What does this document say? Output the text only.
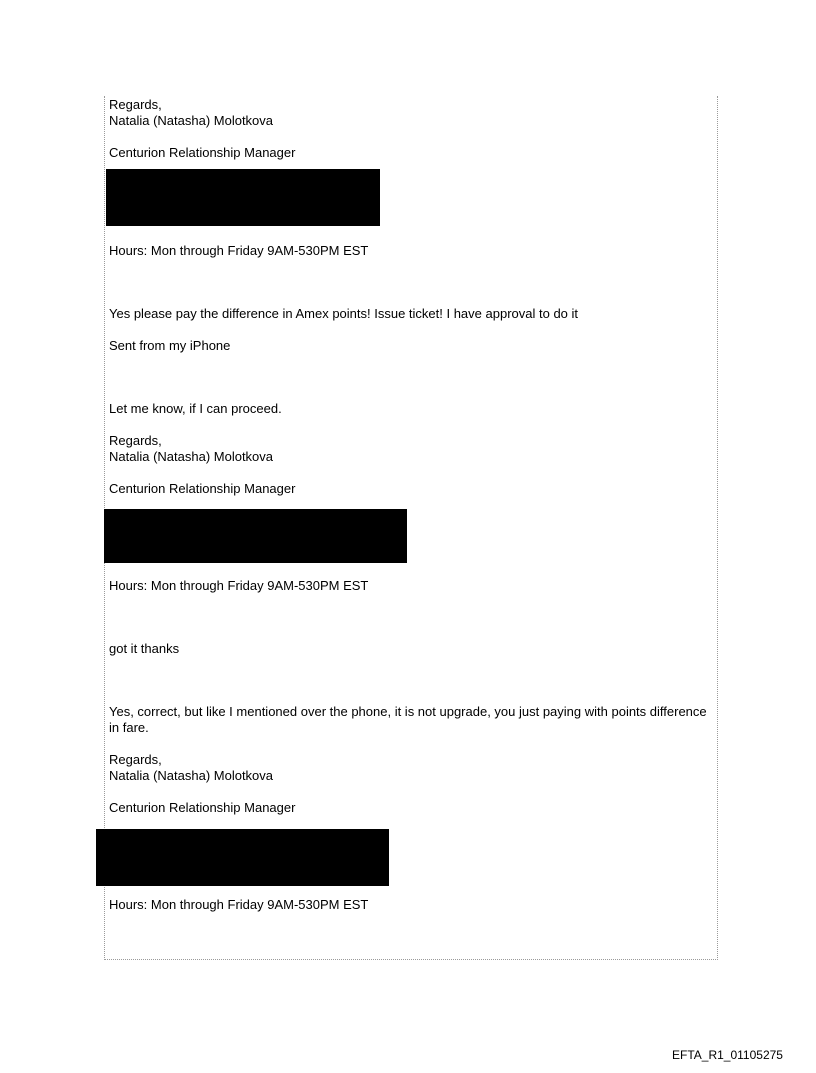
Regards,
Natalia (Natasha) Molotkova
Centurion Relationship Manager
Hours: Mon through Friday 9AM-530PM EST
Yes please pay the difference in Amex points! Issue ticket! I have approval to do it
Sent from my iPhone
Let me know, if I can proceed.
Regards,
Natalia (Natasha) Molotkova
Centurion Relationship Manager
Hours: Mon through Friday 9AM-530PM EST
got it thanks
Yes, correct, but like I mentioned over the phone, it is not upgrade, you just paying with points difference in fare.
Regards,
Natalia (Natasha) Molotkova
Centurion Relationship Manager
Hours: Mon through Friday 9AM-530PM EST
EFTA_R1_01105275
